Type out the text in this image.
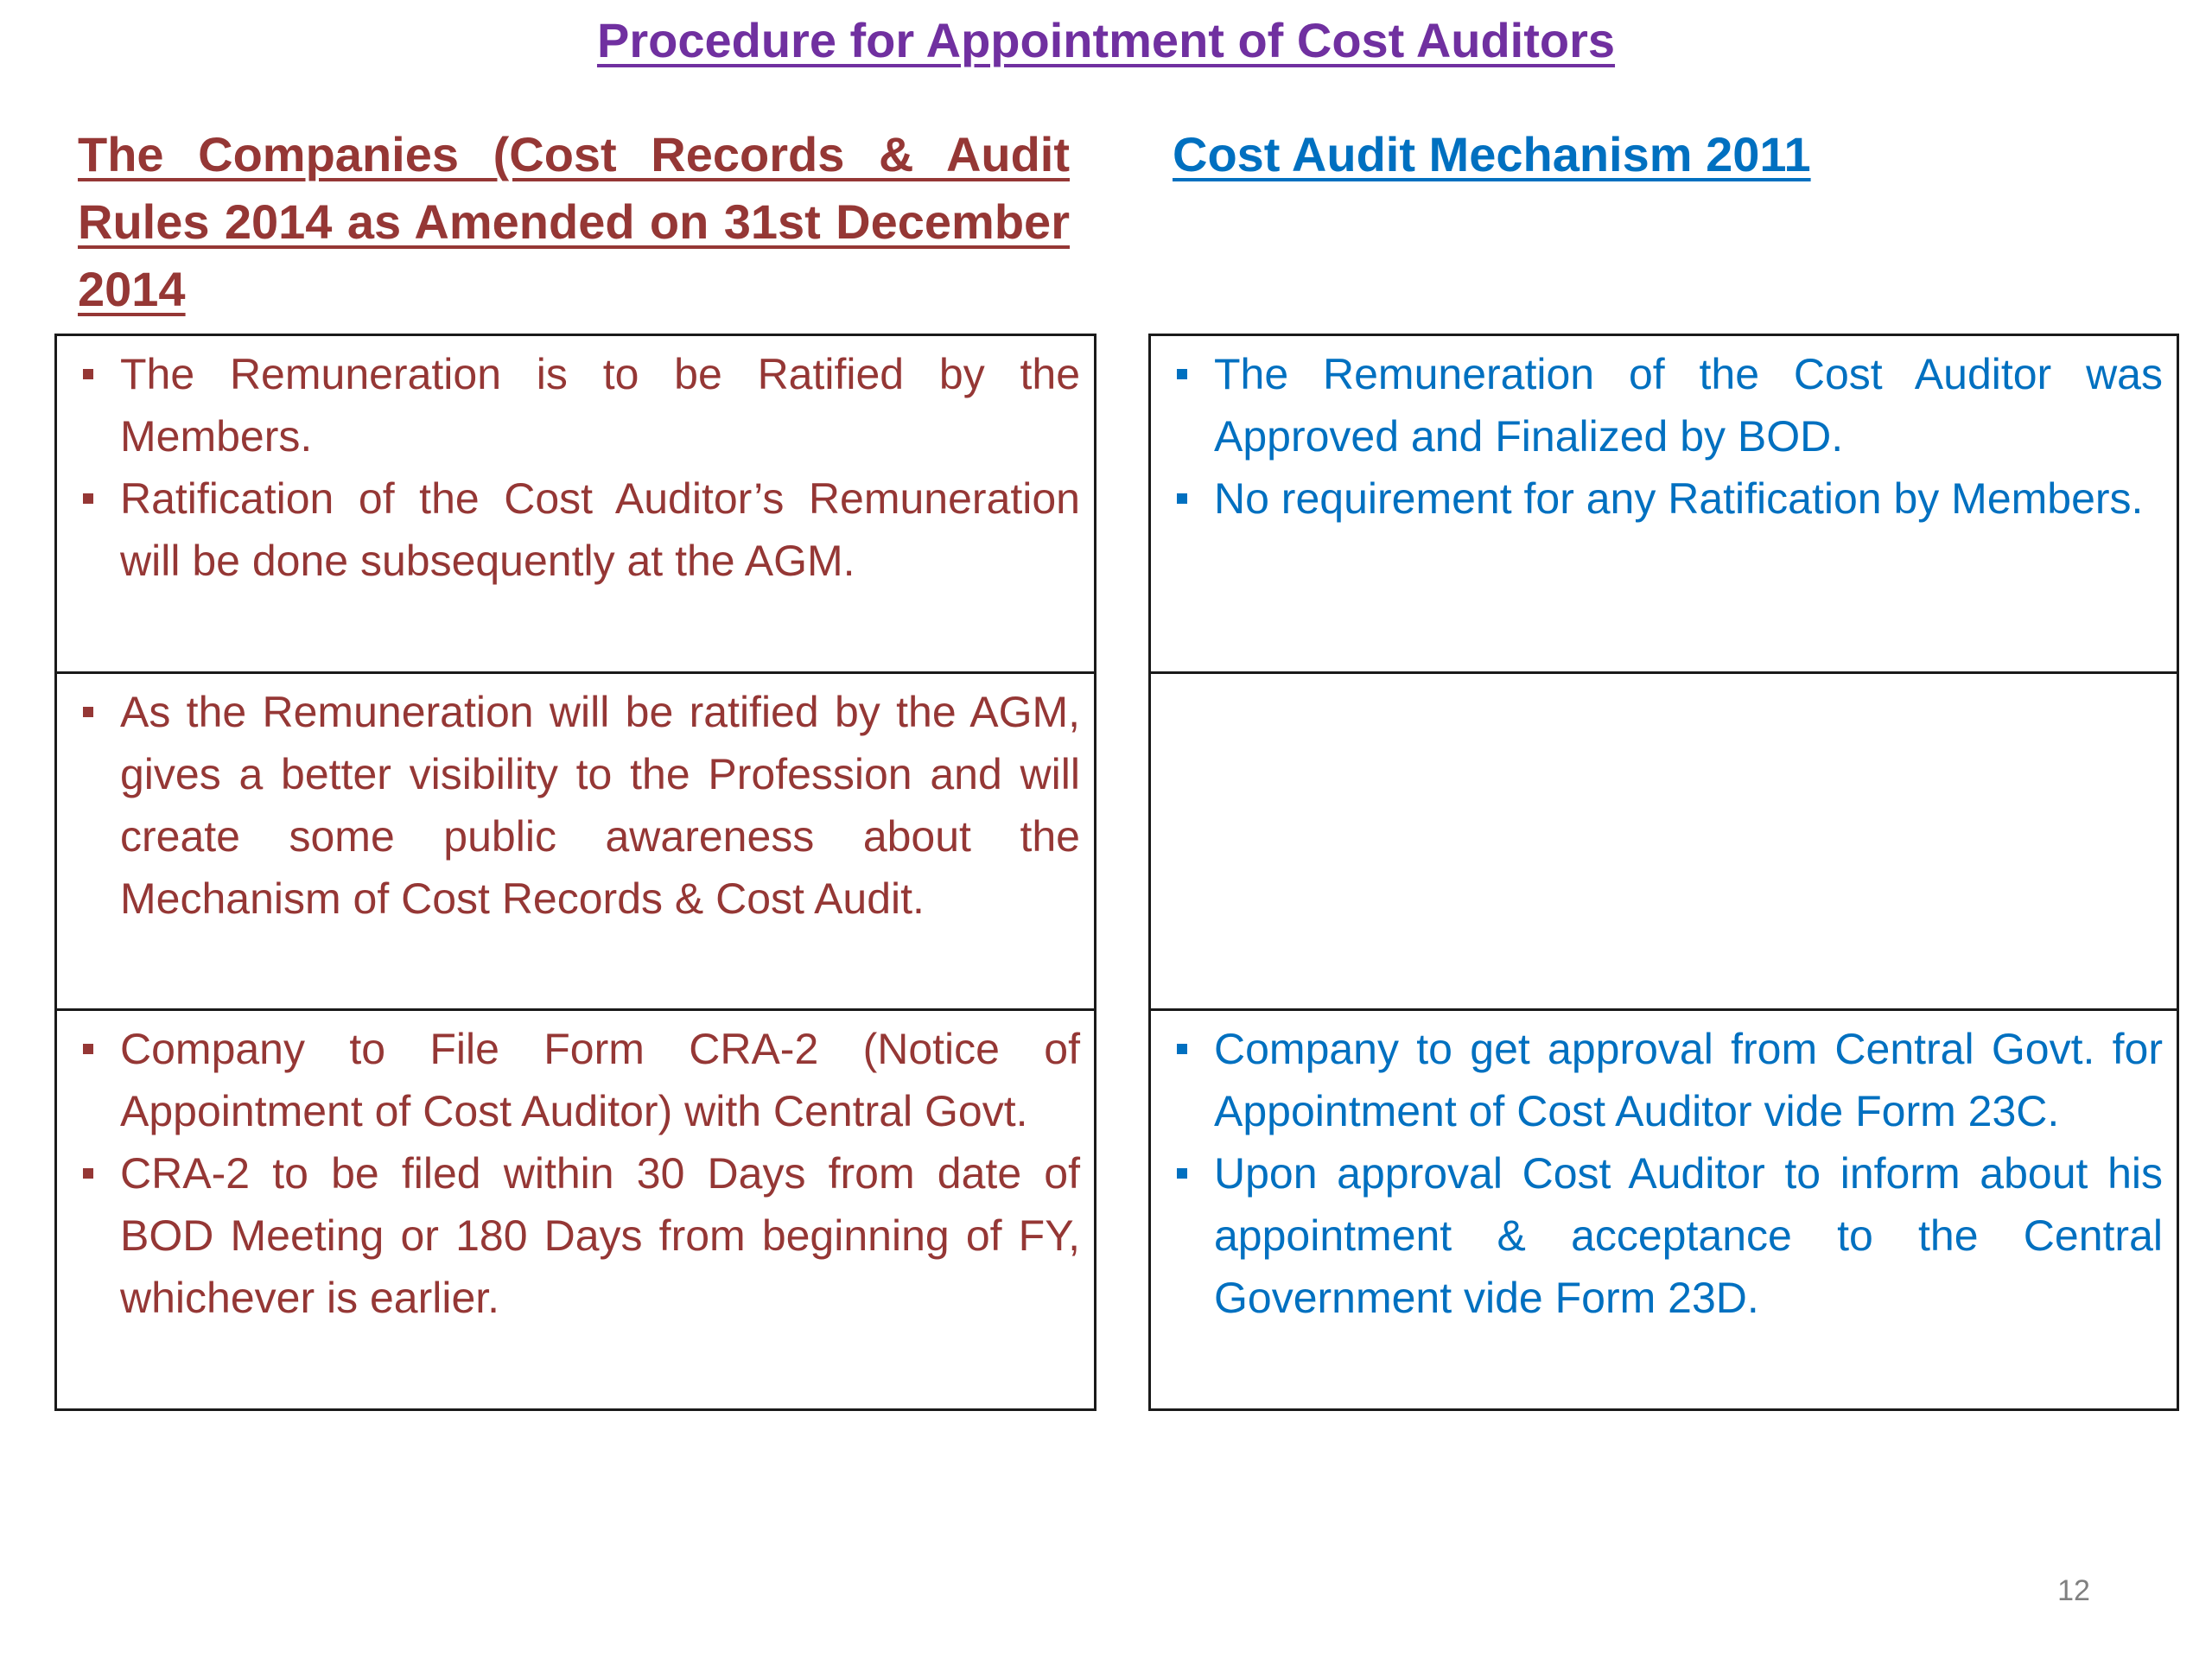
Procedure for Appointment of Cost Auditors
The Companies (Cost Records & Audit Rules 2014 as Amended on 31st December 2014
Cost Audit Mechanism 2011
The Remuneration is to be Ratified by the Members.
Ratification of the Cost Auditor’s Remuneration will be done subsequently at the AGM.
As the Remuneration will be ratified by the AGM, gives a better visibility to the Profession and will create some public awareness about the Mechanism of Cost Records & Cost Audit.
Company to File Form CRA-2 (Notice of Appointment of Cost Auditor) with Central Govt.
CRA-2 to be filed within 30 Days from date of BOD Meeting or 180 Days from beginning of FY, whichever is earlier.
The Remuneration of the Cost Auditor was Approved and Finalized by BOD.
No requirement for any Ratification by Members.
Company to get approval from Central Govt. for Appointment of Cost Auditor vide Form 23C.
Upon approval Cost Auditor to inform about his appointment & acceptance to the Central Government vide Form 23D.

12
